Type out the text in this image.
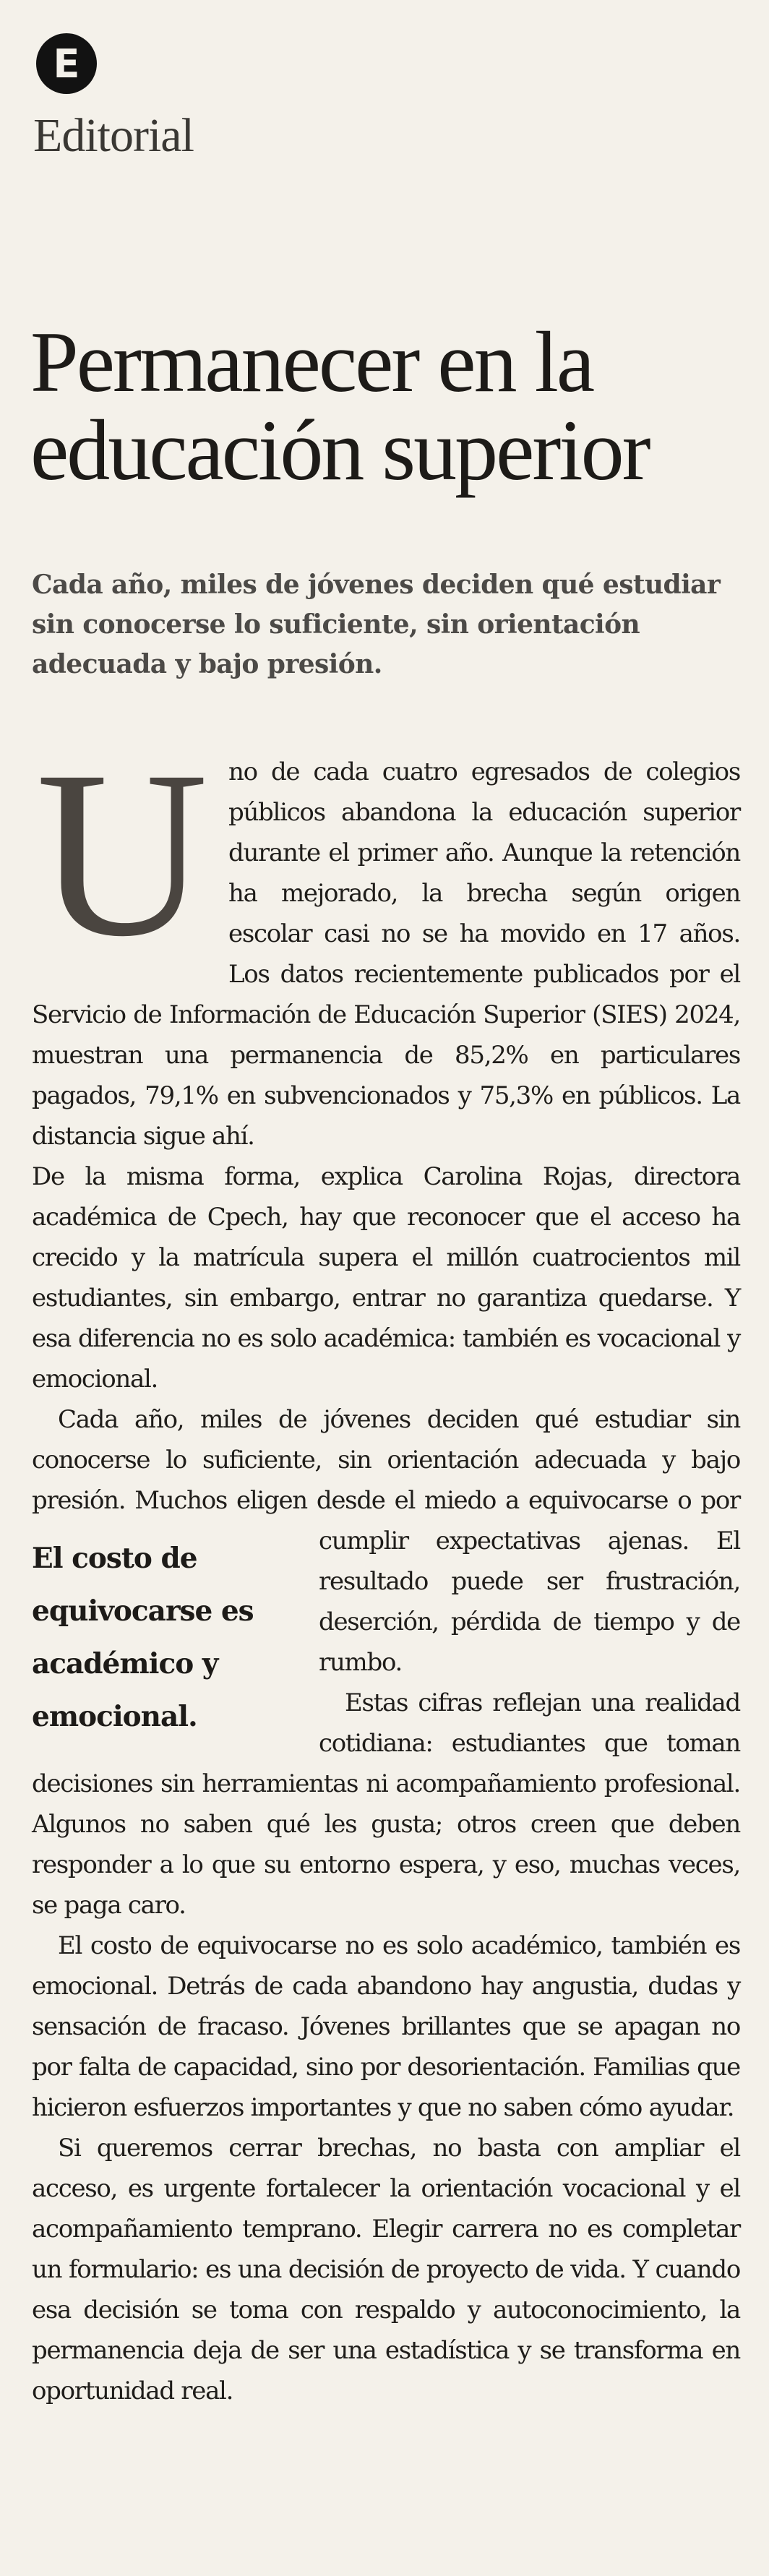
E
Editorial
Permanecer en la educación superior

Cada año, miles de jóvenes deciden qué estudiar sin conocerse lo suficiente, sin orientación adecuada y bajo presión.

Uno de cada cuatro egresados de colegios públicos abandona la educación superior durante el primer año. Aunque la retención ha mejorado, la brecha según origen escolar casi no se ha movido en 17 años. Los datos recientemente publicados por el Servicio de Información de Educación Superior (SIES) 2024, muestran una permanencia de 85,2% en particulares pagados, 79,1% en subvencionados y 75,3% en públicos. La distancia sigue ahí.

De la misma forma, explica Carolina Rojas, directora académica de Cpech, hay que reconocer que el acceso ha crecido y la matrícula supera el millón cuatrocientos mil estudiantes, sin embargo, entrar no garantiza quedarse. Y esa diferencia no es solo académica: también es vocacional y emocional.

Cada año, miles de jóvenes deciden qué estudiar sin conocerse lo suficiente, sin orientación adecuada y bajo presión. Muchos eligen desde el miedo a equivo
El costo de equivocarse es académico y emocional.
carse o por cumplir expectativas ajenas. El resultado puede ser frustración, deserción, pérdida de tiempo y de rumbo.

Estas cifras reflejan una realidad cotidiana: estudiantes que toman decisiones sin herramientas ni acompañamiento profesional. Algunos no saben qué les gusta; otros creen que deben responder a lo que su entorno espera, y eso, muchas veces, se paga caro.

El costo de equivocarse no es solo académico, también es emocional. Detrás de cada abandono hay angustia, dudas y sensación de fracaso. Jóvenes brillantes que se apagan no por falta de capacidad, sino por desorientación. Familias que hicieron esfuerzos importantes y que no saben cómo ayudar.

Si queremos cerrar brechas, no basta con ampliar el acceso, es urgente fortalecer la orientación vocacional y el acompañamiento temprano. Elegir carrera no es completar un formulario: es una decisión de proyecto de vida. Y cuando esa decisión se toma con respaldo y autoconocimiento, la permanencia deja de ser una estadística y se transforma en oportunidad real.
